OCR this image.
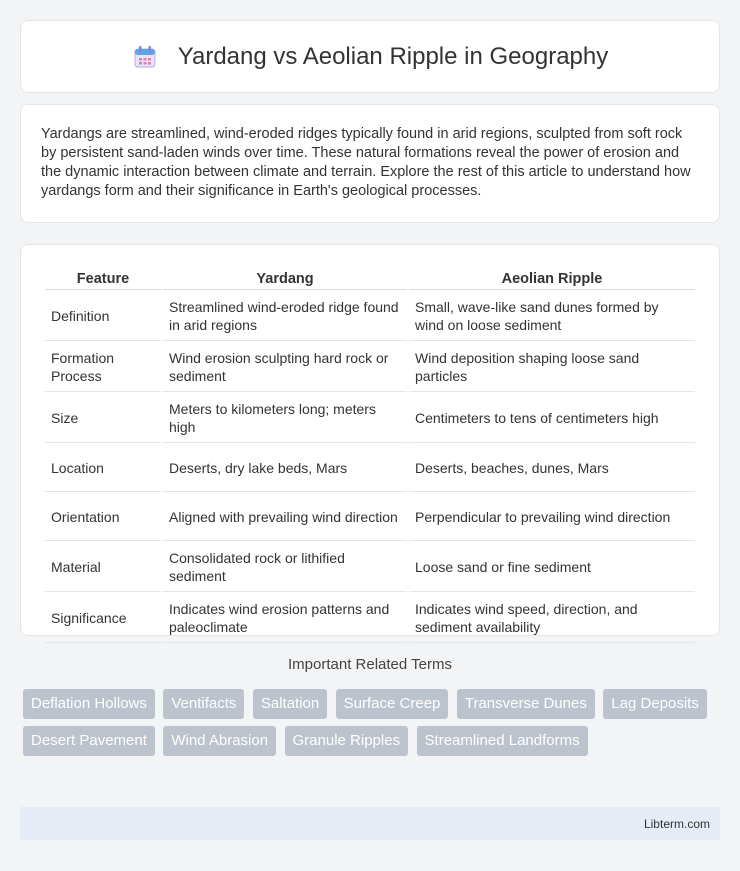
Yardang vs Aeolian Ripple in Geography
Yardangs are streamlined, wind-eroded ridges typically found in arid regions, sculpted from soft rock by persistent sand-laden winds over time. These natural formations reveal the power of erosion and the dynamic interaction between climate and terrain. Explore the rest of this article to understand how yardangs form and their significance in Earth's geological processes.
Feature	Yardang	Aeolian Ripple
Definition	Streamlined wind-eroded ridge found in arid regions	Small, wave-like sand dunes formed by wind on loose sediment
Formation Process	Wind erosion sculpting hard rock or sediment	Wind deposition shaping loose sand particles
Size	Meters to kilometers long; meters high	Centimeters to tens of centimeters high
Location	Deserts, dry lake beds, Mars	Deserts, beaches, dunes, Mars
Orientation	Aligned with prevailing wind direction	Perpendicular to prevailing wind direction
Material	Consolidated rock or lithified sediment	Loose sand or fine sediment
Significance	Indicates wind erosion patterns and paleoclimate	Indicates wind speed, direction, and sediment availability
Important Related Terms
Deflation Hollows Ventifacts Saltation Surface Creep Transverse Dunes Lag Deposits Desert Pavement Wind Abrasion Granule Ripples Streamlined Landforms
Libterm.com
